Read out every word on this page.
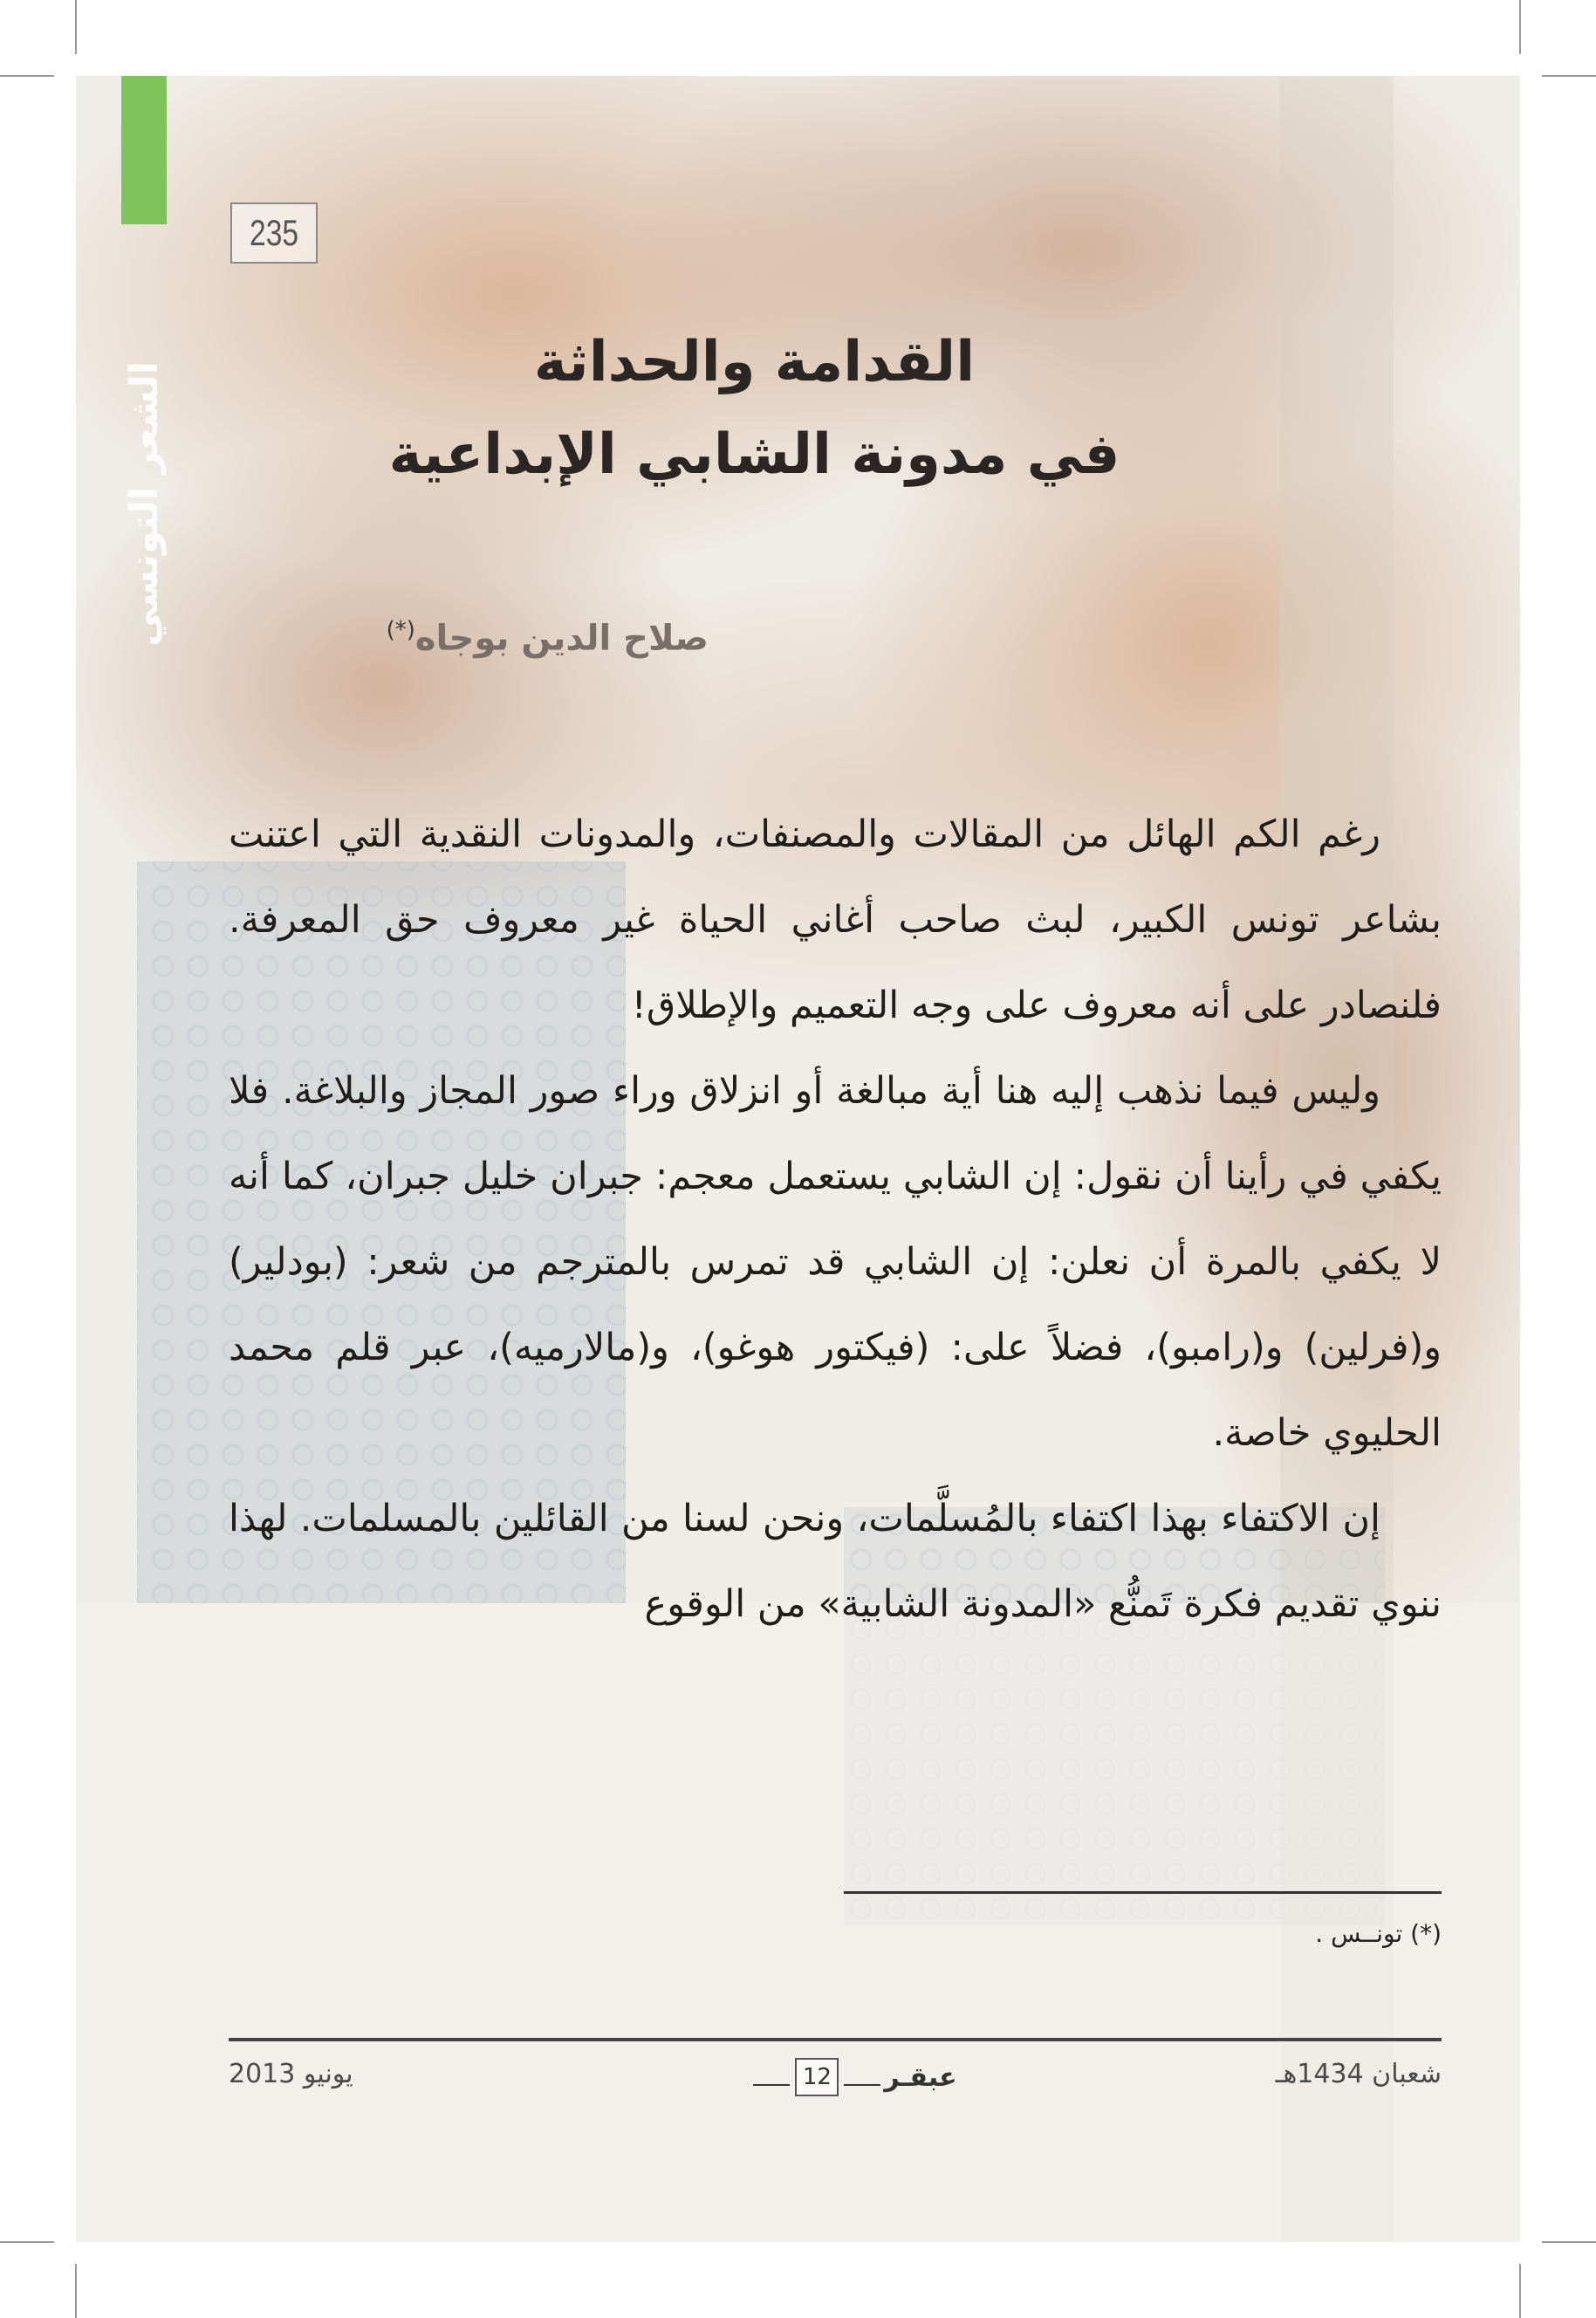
الشعر التونسي
235
القدامة والحداثة
في مدونة الشابي الإبداعية
صلاح الدين بوجاه(*)

رغم الكم الهائل من المقالات والمصنفات، والمدونات النقدية التي اعتنت بشاعر تونس الكبير، لبث صاحب أغاني الحياة غير معروف حق المعرفة. فلنصادر على أنه معروف على وجه التعميم والإطلاق!

وليس فيما نذهب إليه هنا أية مبالغة أو انزلاق وراء صور المجاز والبلاغة. فلا يكفي في رأينا أن نقول: إن الشابي يستعمل معجم: جبران خليل جبران، كما أنه لا يكفي بالمرة أن نعلن: إن الشابي قد تمرس بالمترجم من شعر: (بودلير) و(فرلين) و(رامبو)، فضلاً على: (فيكتور هوغو)، و(مالارميه)، عبر قلم محمد الحليوي خاصة.

إن الاكتفاء بهذا اكتفاء بالمُسلَّمات، ونحن لسنا من القائلين بالمسلمات. لهذا ننوي تقديم فكرة تَمنُّع «المدونة الشابية» من الوقوع

(*) تونــس .
شعبان 1434هـ
12 عبقـر
يونيو 2013
